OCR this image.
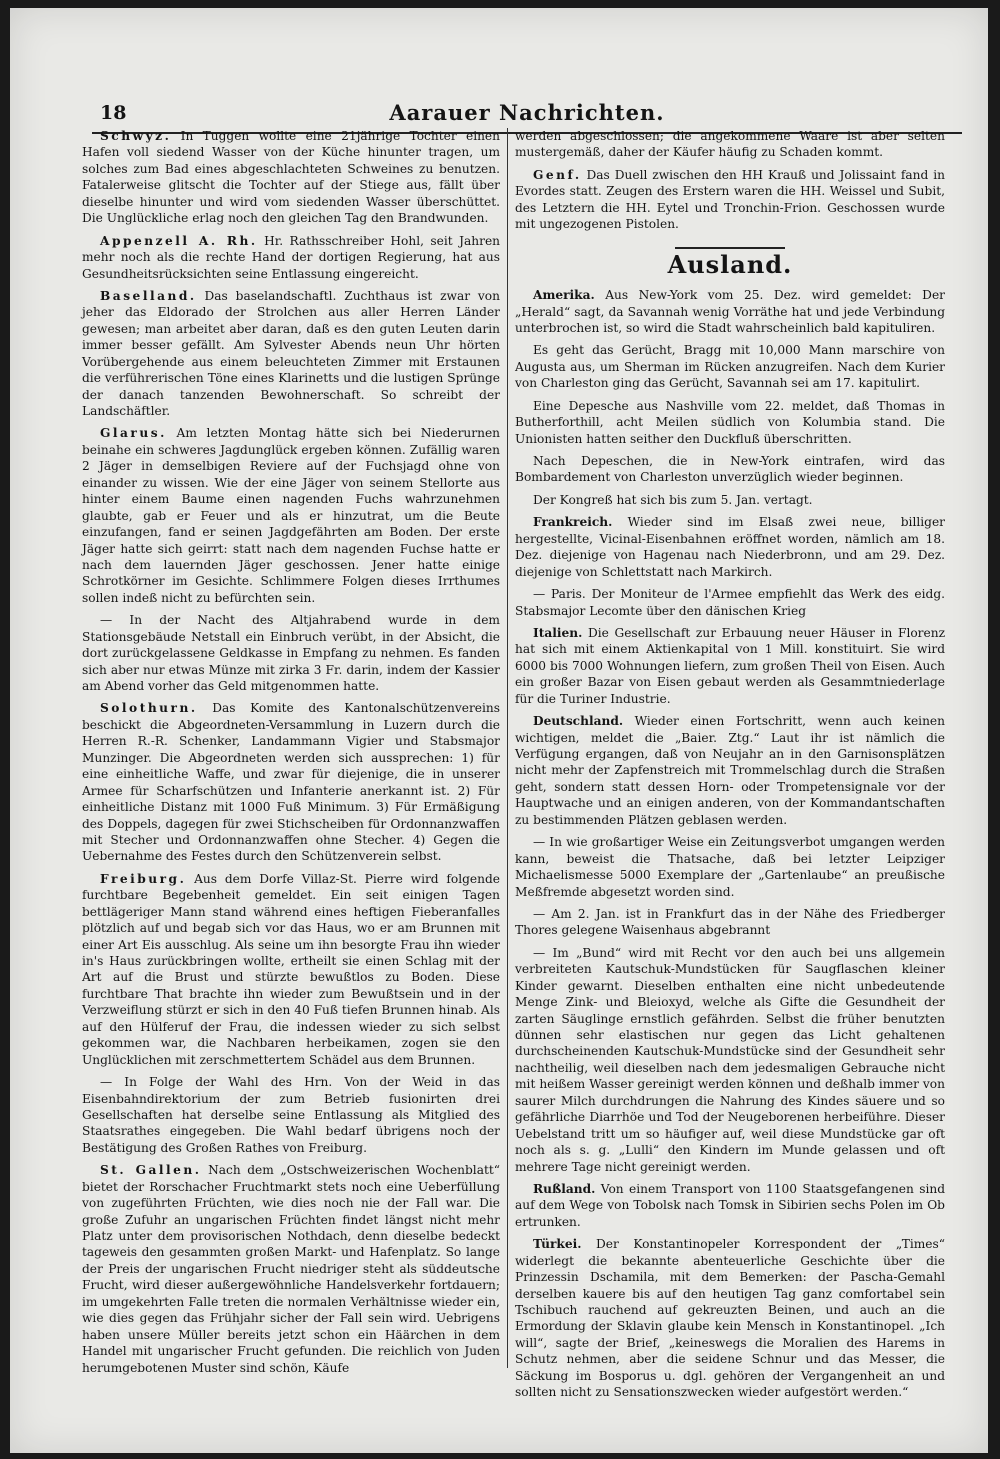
18	Aarauer Nachrichten.

Schwyz. In Tuggen wollte eine 21jährige Tochter einen Hafen voll siedend Wasser von der Küche hinunter tragen, um solches zum Bad eines abgeschlachteten Schweines zu benutzen. Fatalerweise glitscht die Tochter auf der Stiege aus, fällt über dieselbe hinunter und wird vom siedenden Wasser überschüttet. Die Unglückliche erlag noch den gleichen Tag den Brandwunden.

Appenzell A. Rh. Hr. Rathsschreiber Hohl, seit Jahren mehr noch als die rechte Hand der dortigen Regierung, hat aus Gesundheitsrücksichten seine Entlassung eingereicht.

Baselland. Das baselandschaftl. Zuchthaus ist zwar von jeher das Eldorado der Strolchen aus aller Herren Länder gewesen; man arbeitet aber daran, daß es den guten Leuten darin immer besser gefällt. Am Sylvester Abends neun Uhr hörten Vorübergehende aus einem beleuchteten Zimmer mit Erstaunen die verführerischen Töne eines Klarinetts und die lustigen Sprünge der danach tanzenden Bewohnerschaft. So schreibt der Landschäftler.

Glarus. Am letzten Montag hätte sich bei Niederurnen beinahe ein schweres Jagdunglück ergeben können. Zufällig waren 2 Jäger in demselbigen Reviere auf der Fuchsjagd ohne von einander zu wissen. Wie der eine Jäger von seinem Stellorte aus hinter einem Baume einen nagenden Fuchs wahrzunehmen glaubte, gab er Feuer und als er hinzutrat, um die Beute einzufangen, fand er seinen Jagdgefährten am Boden. Der erste Jäger hatte sich geirrt: statt nach dem nagenden Fuchse hatte er nach dem lauernden Jäger geschossen. Jener hatte einige Schrotkörner im Gesichte. Schlimmere Folgen dieses Irrthumes sollen indeß nicht zu befürchten sein.

— In der Nacht des Altjahrabend wurde in dem Stationsgebäude Netstall ein Einbruch verübt, in der Absicht, die dort zurückgelassene Geldkasse in Empfang zu nehmen. Es fanden sich aber nur etwas Münze mit zirka 3 Fr. darin, indem der Kassier am Abend vorher das Geld mitgenommen hatte.

Solothurn. Das Komite des Kantonalschützenvereins beschickt die Abgeordneten-Versammlung in Luzern durch die Herren R.-R. Schenker, Landammann Vigier und Stabsmajor Munzinger. Die Abgeordneten werden sich aussprechen: 1) für eine einheitliche Waffe, und zwar für diejenige, die in unserer Armee für Scharfschützen und Infanterie anerkannt ist. 2) Für einheitliche Distanz mit 1000 Fuß Minimum. 3) Für Ermäßigung des Doppels, dagegen für zwei Stichscheiben für Ordonnanzwaffen mit Stecher und Ordonnanzwaffen ohne Stecher. 4) Gegen die Uebernahme des Festes durch den Schützenverein selbst.

Freiburg. Aus dem Dorfe Villaz-St. Pierre wird folgende furchtbare Begebenheit gemeldet. Ein seit einigen Tagen bettlägeriger Mann stand während eines heftigen Fieberanfalles plötzlich auf und begab sich vor das Haus, wo er am Brunnen mit einer Art Eis ausschlug. Als seine um ihn besorgte Frau ihn wieder in's Haus zurückbringen wollte, ertheilt sie einen Schlag mit der Art auf die Brust und stürzte bewußtlos zu Boden. Diese furchtbare That brachte ihn wieder zum Bewußtsein und in der Verzweiflung stürzt er sich in den 40 Fuß tiefen Brunnen hinab. Als auf den Hülferuf der Frau, die indessen wieder zu sich selbst gekommen war, die Nachbaren herbeikamen, zogen sie den Unglücklichen mit zerschmettertem Schädel aus dem Brunnen.

— In Folge der Wahl des Hrn. Von der Weid in das Eisenbahndirektorium der zum Betrieb fusionirten drei Gesellschaften hat derselbe seine Entlassung als Mitglied des Staatsrathes eingegeben. Die Wahl bedarf übrigens noch der Bestätigung des Großen Rathes von Freiburg.

St. Gallen. Nach dem „Ostschweizerischen Wochenblatt“ bietet der Rorschacher Fruchtmarkt stets noch eine Ueberfüllung von zugeführten Früchten, wie dies noch nie der Fall war. Die große Zufuhr an ungarischen Früchten findet längst nicht mehr Platz unter dem provisorischen Nothdach, denn dieselbe bedeckt tageweis den gesammten großen Markt- und Hafenplatz. So lange der Preis der ungarischen Frucht niedriger steht als süddeutsche Frucht, wird dieser außergewöhnliche Handelsverkehr fortdauern; im umgekehrten Falle treten die normalen Verhältnisse wieder ein, wie dies gegen das Frühjahr sicher der Fall sein wird. Uebrigens haben unsere Müller bereits jetzt schon ein Häärchen in dem Handel mit ungarischer Frucht gefunden. Die reichlich von Juden herumgebotenen Muster sind schön, Käufe

werden abgeschlossen; die angekommene Waare ist aber selten mustergemäß, daher der Käufer häufig zu Schaden kommt.

Genf. Das Duell zwischen den HH Krauß und Jolissaint fand in Evordes statt. Zeugen des Erstern waren die HH. Weissel und Subit, des Letztern die HH. Eytel und Tronchin-Frion. Geschossen wurde mit ungezogenen Pistolen.

Ausland.

Amerika. Aus New-York vom 25. Dez. wird gemeldet: Der „Herald“ sagt, da Savannah wenig Vorräthe hat und jede Verbindung unterbrochen ist, so wird die Stadt wahrscheinlich bald kapituliren.

Es geht das Gerücht, Bragg mit 10,000 Mann marschire von Augusta aus, um Sherman im Rücken anzugreifen. Nach dem Kurier von Charleston ging das Gerücht, Savannah sei am 17. kapitulirt.

Eine Depesche aus Nashville vom 22. meldet, daß Thomas in Butherforthill, acht Meilen südlich von Kolumbia stand. Die Unionisten hatten seither den Duckfluß überschritten.

Nach Depeschen, die in New-York eintrafen, wird das Bombardement von Charleston unverzüglich wieder beginnen.

Der Kongreß hat sich bis zum 5. Jan. vertagt.

Frankreich. Wieder sind im Elsaß zwei neue, billiger hergestellte, Vicinal-Eisenbahnen eröffnet worden, nämlich am 18. Dez. diejenige von Hagenau nach Niederbronn, und am 29. Dez. diejenige von Schlettstatt nach Markirch.

— Paris. Der Moniteur de l'Armee empfiehlt das Werk des eidg. Stabsmajor Lecomte über den dänischen Krieg

Italien. Die Gesellschaft zur Erbauung neuer Häuser in Florenz hat sich mit einem Aktienkapital von 1 Mill. konstituirt. Sie wird 6000 bis 7000 Wohnungen liefern, zum großen Theil von Eisen. Auch ein großer Bazar von Eisen gebaut werden als Gesammtniederlage für die Turiner Industrie.

Deutschland. Wieder einen Fortschritt, wenn auch keinen wichtigen, meldet die „Baier. Ztg.“ Laut ihr ist nämlich die Verfügung ergangen, daß von Neujahr an in den Garnisonsplätzen nicht mehr der Zapfenstreich mit Trommelschlag durch die Straßen geht, sondern statt dessen Horn- oder Trompetensignale vor der Hauptwache und an einigen anderen, von der Kommandantschaften zu bestimmenden Plätzen geblasen werden.

— In wie großartiger Weise ein Zeitungsverbot umgangen werden kann, beweist die Thatsache, daß bei letzter Leipziger Michaelismesse 5000 Exemplare der „Gartenlaube“ an preußische Meßfremde abgesetzt worden sind.

— Am 2. Jan. ist in Frankfurt das in der Nähe des Friedberger Thores gelegene Waisenhaus abgebrannt

— Im „Bund“ wird mit Recht vor den auch bei uns allgemein verbreiteten Kautschuk-Mundstücken für Saugflaschen kleiner Kinder gewarnt. Dieselben enthalten eine nicht unbedeutende Menge Zink- und Bleioxyd, welche als Gifte die Gesundheit der zarten Säuglinge ernstlich gefährden. Selbst die früher benutzten dünnen sehr elastischen nur gegen das Licht gehaltenen durchscheinenden Kautschuk-Mundstücke sind der Gesundheit sehr nachtheilig, weil dieselben nach dem jedesmaligen Gebrauche nicht mit heißem Wasser gereinigt werden können und deßhalb immer von saurer Milch durchdrungen die Nahrung des Kindes säuere und so gefährliche Diarrhöe und Tod der Neugeborenen herbeiführe. Dieser Uebelstand tritt um so häufiger auf, weil diese Mundstücke gar oft noch als s. g. „Lulli“ den Kindern im Munde gelassen und oft mehrere Tage nicht gereinigt werden.

Rußland. Von einem Transport von 1100 Staatsgefangenen sind auf dem Wege von Tobolsk nach Tomsk in Sibirien sechs Polen im Ob ertrunken.

Türkei. Der Konstantinopeler Korrespondent der „Times“ widerlegt die bekannte abenteuerliche Geschichte über die Prinzessin Dschamila, mit dem Bemerken: der Pascha-Gemahl derselben kauere bis auf den heutigen Tag ganz comfortabel sein Tschibuch rauchend auf gekreuzten Beinen, und auch an die Ermordung der Sklavin glaube kein Mensch in Konstantinopel. „Ich will“, sagte der Brief, „keineswegs die Moralien des Harems in Schutz nehmen, aber die seidene Schnur und das Messer, die Säckung im Bosporus u. dgl. gehören der Vergangenheit an und sollten nicht zu Sensationszwecken wieder aufgestört werden.“
